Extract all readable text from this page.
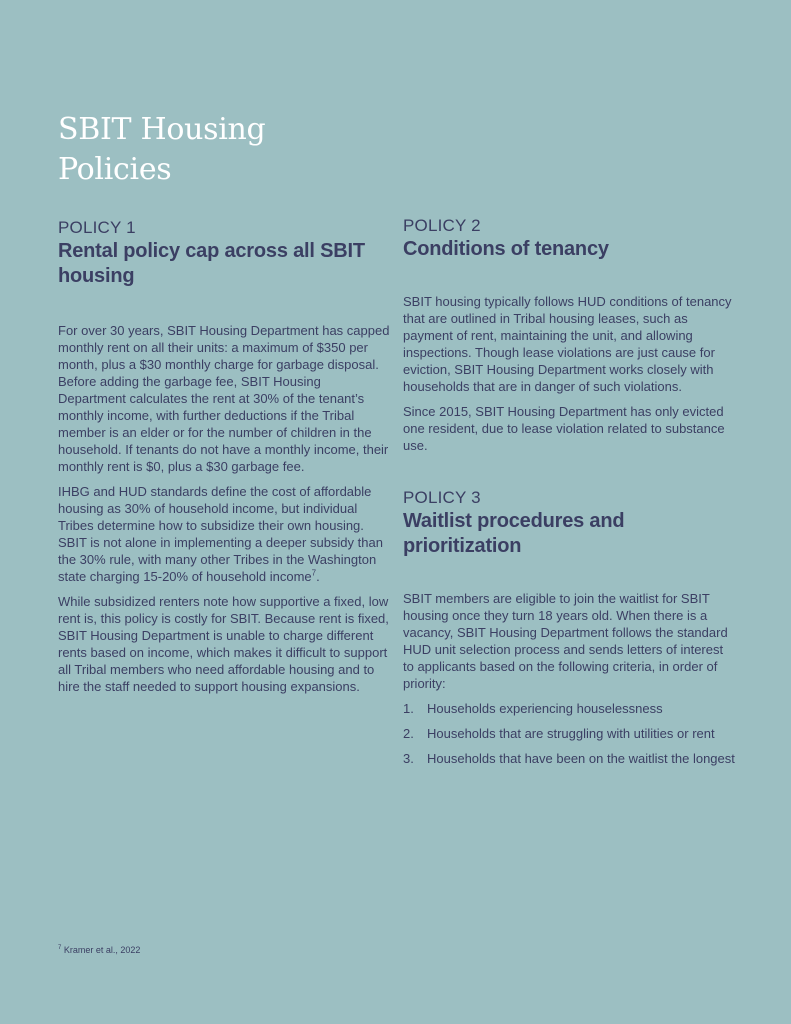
SBIT Housing
Policies
POLICY 1
Rental policy cap across all SBIT housing

For over 30 years, SBIT Housing Department has capped monthly rent on all their units: a maximum of $350 per month, plus a $30 monthly charge for garbage disposal. Before adding the garbage fee, SBIT Housing Department calculates the rent at 30% of the tenant’s monthly income, with further deductions if the Tribal member is an elder or for the number of children in the household. If tenants do not have a monthly income, their monthly rent is $0, plus a $30 garbage fee.

IHBG and HUD standards define the cost of affordable housing as 30% of household income, but individual Tribes determine how to subsidize their own housing. SBIT is not alone in implementing a deeper subsidy than the 30% rule, with many other Tribes in the Washington state charging 15-20% of household income$^7$.

While subsidized renters note how supportive a fixed, low rent is, this policy is costly for SBIT. Because rent is fixed, SBIT Housing Department is unable to charge different rents based on income, which makes it difficult to support all Tribal members who need affordable housing and to hire the staff needed to support housing expansions.

POLICY 2
Conditions of tenancy

SBIT housing typically follows HUD conditions of tenancy that are outlined in Tribal housing leases, such as payment of rent, maintaining the unit, and allowing inspections. Though lease violations are just cause for eviction, SBIT Housing Department works closely with households that are in danger of such violations.

Since 2015, SBIT Housing Department has only evicted one resident, due to lease violation related to substance use.

POLICY 3
Waitlist procedures and prioritization

SBIT members are eligible to join the waitlist for SBIT housing once they turn 18 years old. When there is a vacancy, SBIT Housing Department follows the standard HUD unit selection process and sends letters of interest to applicants based on the following criteria, in order of priority:

1. Households experiencing houselessness
2. Households that are struggling with utilities or rent
3. Households that have been on the waitlist the longest
$^7$ Kramer et al., 2022
